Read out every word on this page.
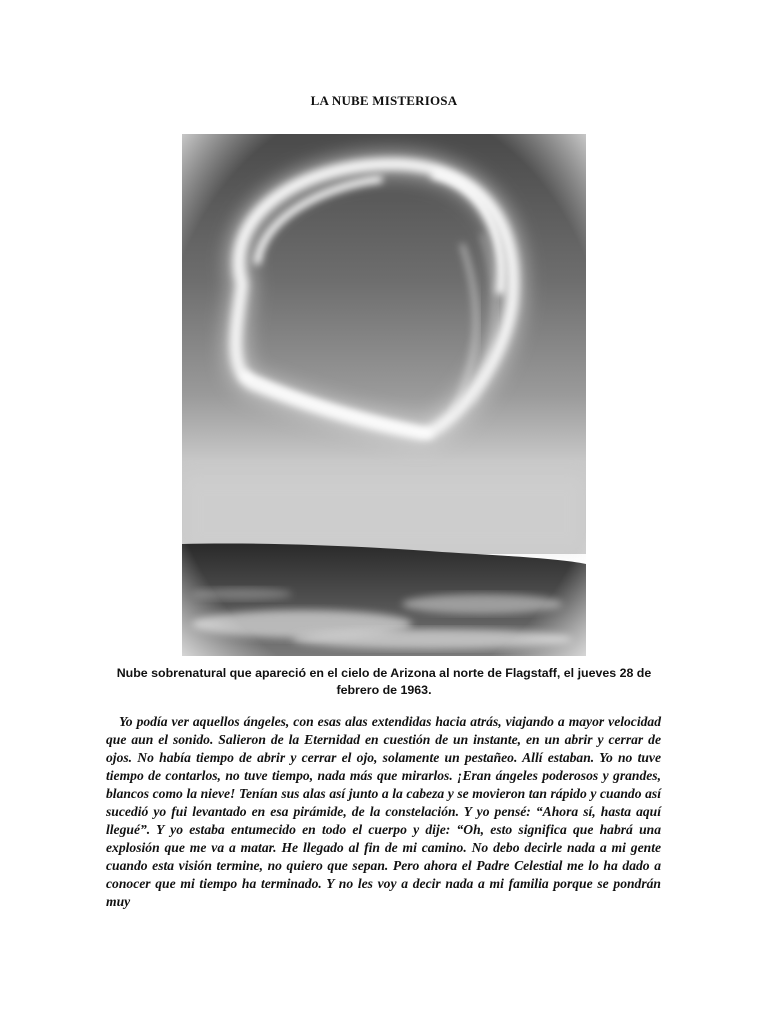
LA NUBE MISTERIOSA
Nube sobrenatural que apareció en el cielo de Arizona al norte de Flagstaff, el jueves 28 de febrero de 1963.

Yo podía ver aquellos ángeles, con esas alas extendidas hacia atrás, viajando a mayor velocidad que aun el sonido. Salieron de la Eternidad en cuestión de un instante, en un abrir y cerrar de ojos. No había tiempo de abrir y cerrar el ojo, solamente un pestañeo. Allí estaban. Yo no tuve tiempo de contarlos, no tuve tiempo, nada más que mirarlos. ¡Eran ángeles poderosos y grandes, blancos como la nieve! Tenían sus alas así junto a la cabeza y se movieron tan rápido y cuando así sucedió yo fui levantado en esa pirámide, de la constelación. Y yo pensé: “Ahora sí, hasta aquí llegué”. Y yo estaba entumecido en todo el cuerpo y dije: “Oh, esto significa que habrá una explosión que me va a matar. He llegado al fin de mi camino. No debo decirle nada a mi gente cuando esta visión termine, no quiero que sepan. Pero ahora el Padre Celestial me lo ha dado a conocer que mi tiempo ha terminado. Y no les voy a decir nada a mi familia porque se pondrán muy
